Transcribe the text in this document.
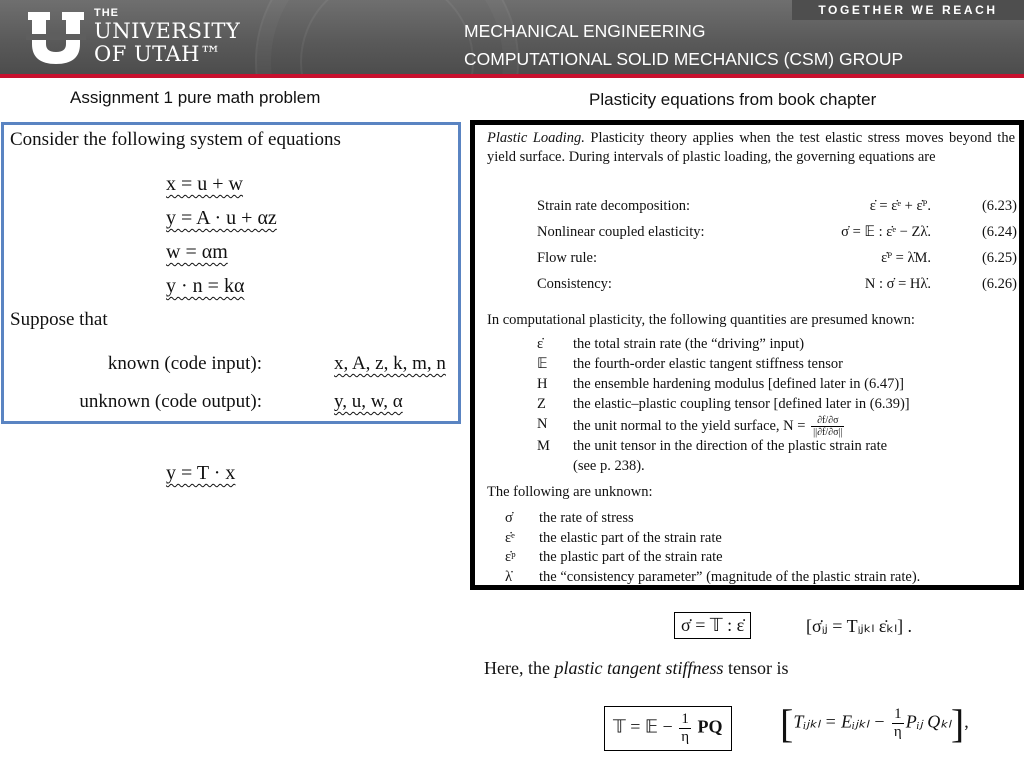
THE
UNIVERSITY
OF UTAH™
TOGETHER WE REACH
MECHANICAL ENGINEERING
COMPUTATIONAL SOLID MECHANICS (CSM) GROUP
Assignment 1 pure math problem	Plasticity equations from book chapter
Consider the following system of equations
x = u + w
y = A · u + αz
w = αm
y · n = kα
Suppose that
known (code input):	x, A, z, k, m, n
unknown (code output):	y, u, w, α
y = T · x
Plastic Loading. Plasticity theory applies when the test elastic stress moves beyond the yield surface. During intervals of plastic loading, the governing equations are
Strain rate decomposition:	ε̇ = ε̇ᵉ + ε̇ᴾ.	(6.23)
Nonlinear coupled elasticity:	σ̇ = 𝔼 : ε̇ᵉ − Zλ̇.	(6.24)
Flow rule:	ε̇ᴾ = λ̇M.	(6.25)
Consistency:	N : σ̇ = Hλ̇.	(6.26)
In computational plasticity, the following quantities are presumed known:
ε̇	the total strain rate (the “driving” input)
𝔼	the fourth-order elastic tangent stiffness tensor
H	the ensemble hardening modulus [defined later in (6.47)]
Z	the elastic–plastic coupling tensor [defined later in (6.39)]
N	the unit normal to the yield surface, $N = \frac{\partial f/\partial\sigma}{||\partial f/\partial\sigma||}$
M	the unit tensor in the direction of the plastic strain rate
(see p. 238).
The following are unknown:
σ̇	the rate of stress
ε̇ᵉ	the elastic part of the strain rate
ε̇ᵖ	the plastic part of the strain rate
λ̇	the “consistency parameter” (magnitude of the plastic strain rate).
σ̇ = 𝕋 : ε̇	[σ̇ᵢⱼ = Tᵢⱼₖₗ ε̇ₖₗ] .
Here, the plastic tangent stiffness tensor is
𝕋 = 𝔼 − $\frac{1}{\eta}$ PQ [Tᵢⱼₖₗ = Eᵢⱼₖₗ − $\frac{1}{\eta}$ Pᵢⱼ Qₖₗ],
